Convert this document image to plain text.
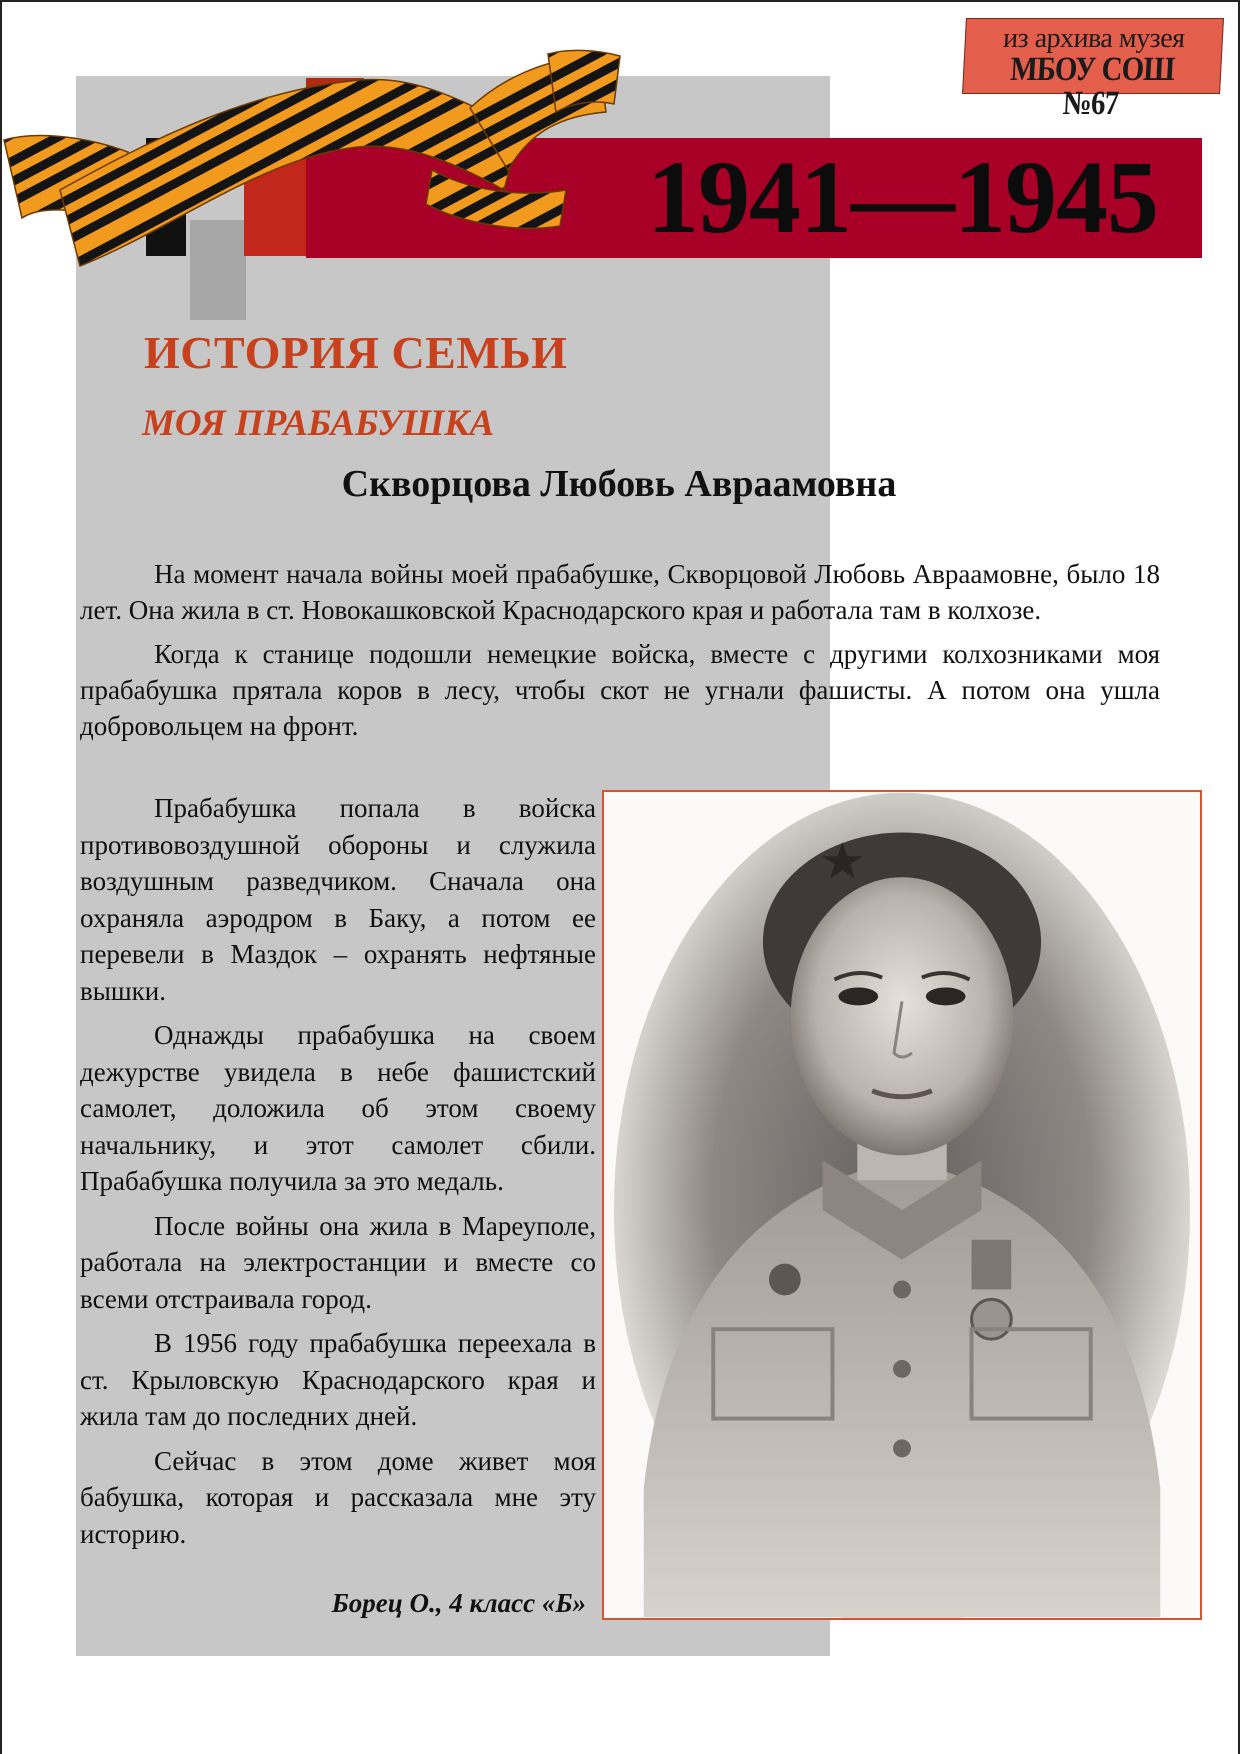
1941—1945
из архива музея
МБОУ СОШ №67
ИСТОРИЯ СЕМЬИ
МОЯ ПРАБАБУШКА
Скворцова Любовь Авраамовна

На момент начала войны моей прабабушке, Скворцовой Любовь Авраамовне, было 18 лет. Она жила в ст. Новокашковской Краснодарского края и работала там в колхозе.

Когда к станице подошли немецкие войска, вместе с другими колхозниками моя прабабушка прятала коров в лесу, чтобы скот не угнали фашисты. А потом она ушла добровольцем на фронт.

Прабабушка попала в войска противовоздушной обороны и служила воздушным разведчиком. Сначала она охраняла аэродром в Баку, а потом ее перевели в Маздок – охранять нефтяные вышки.

Однажды прабабушка на своем дежурстве увидела в небе фашистский самолет, доложила об этом своему начальнику, и этот самолет сбили. Прабабушка получила за это медаль.

После войны она жила в Мареуполе, работала на электростанции и вместе со всеми отстраивала город.

В 1956 году прабабушка переехала в ст. Крыловскую Краснодарского края и жила там до последних дней.

Сейчас в этом доме живет моя бабушка, которая и рассказала мне эту историю.

Борец О., 4 класс «Б»
